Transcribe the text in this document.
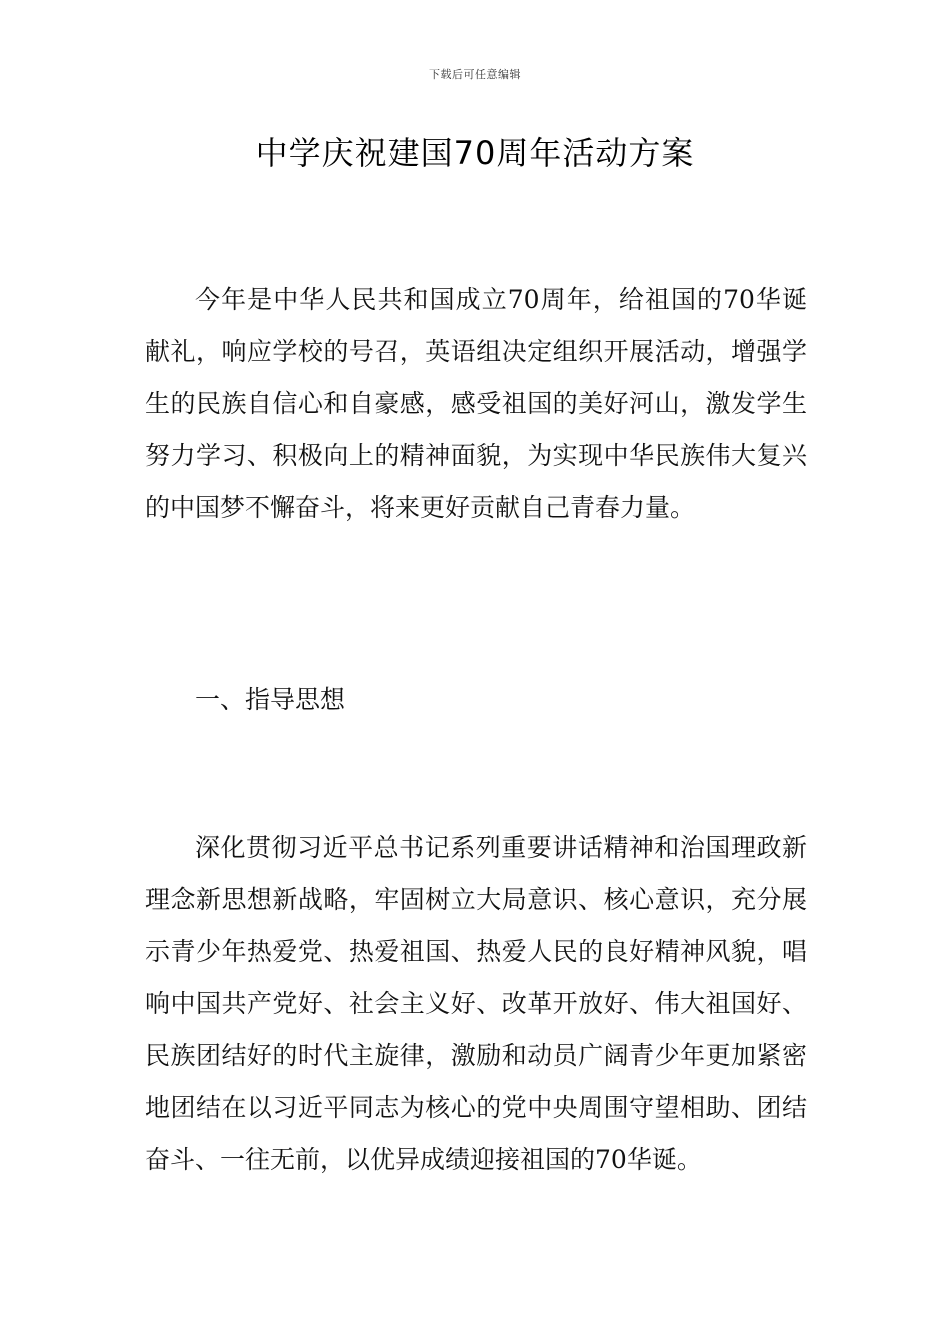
下载后可任意编辑
中学庆祝建国70周年活动方案

今年是中华人民共和国成立70周年，给祖国的70华诞献礼，响应学校的号召，英语组决定组织开展活动，增强学生的民族自信心和自豪感，感受祖国的美好河山，激发学生努力学习、积极向上的精神面貌，为实现中华民族伟大复兴的中国梦不懈奋斗，将来更好贡献自己青春力量。

一、指导思想

深化贯彻习近平总书记系列重要讲话精神和治国理政新理念新思想新战略，牢固树立大局意识、核心意识，充分展示青少年热爱党、热爱祖国、热爱人民的良好精神风貌，唱响中国共产党好、社会主义好、改革开放好、伟大祖国好、民族团结好的时代主旋律，激励和动员广阔青少年更加紧密地团结在以习近平同志为核心的党中央周围守望相助、团结奋斗、一往无前，以优异成绩迎接祖国的70华诞。
